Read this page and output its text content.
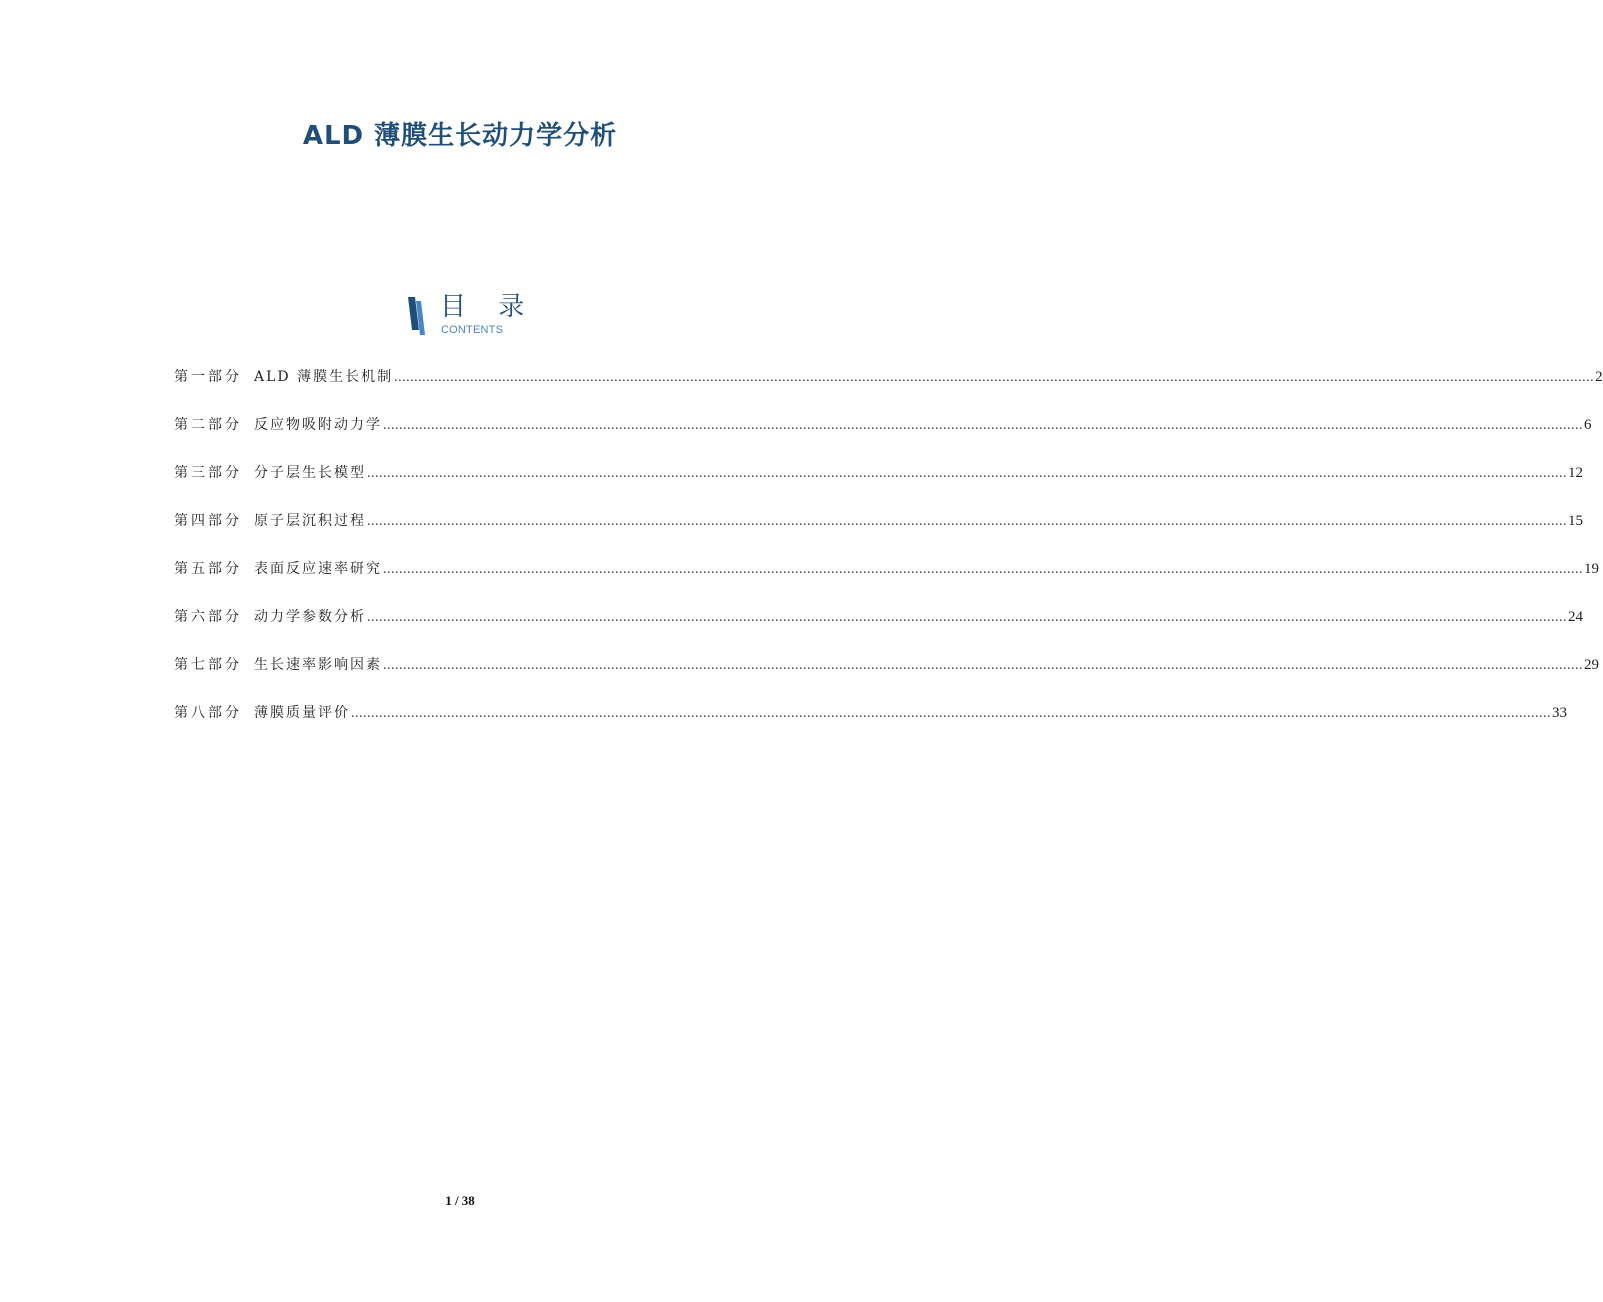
ALD 薄膜生长动力学分析
目 录
CONTENTS
第一部分 ALD 薄膜生长机制 ............................................................................................................................................................................................................................................................................................................ 2
第二部分 反应物吸附动力学 ............................................................................................................................................................................................................................................................................................................ 6
第三部分 分子层生长模型 ............................................................................................................................................................................................................................................................................................................ 12
第四部分 原子层沉积过程 ............................................................................................................................................................................................................................................................................................................ 15
第五部分 表面反应速率研究 ............................................................................................................................................................................................................................................................................................................ 19
第六部分 动力学参数分析 ............................................................................................................................................................................................................................................................................................................ 24
第七部分 生长速率影响因素 ............................................................................................................................................................................................................................................................................................................ 29
第八部分 薄膜质量评价 ............................................................................................................................................................................................................................................................................................................ 33
1 / 38
